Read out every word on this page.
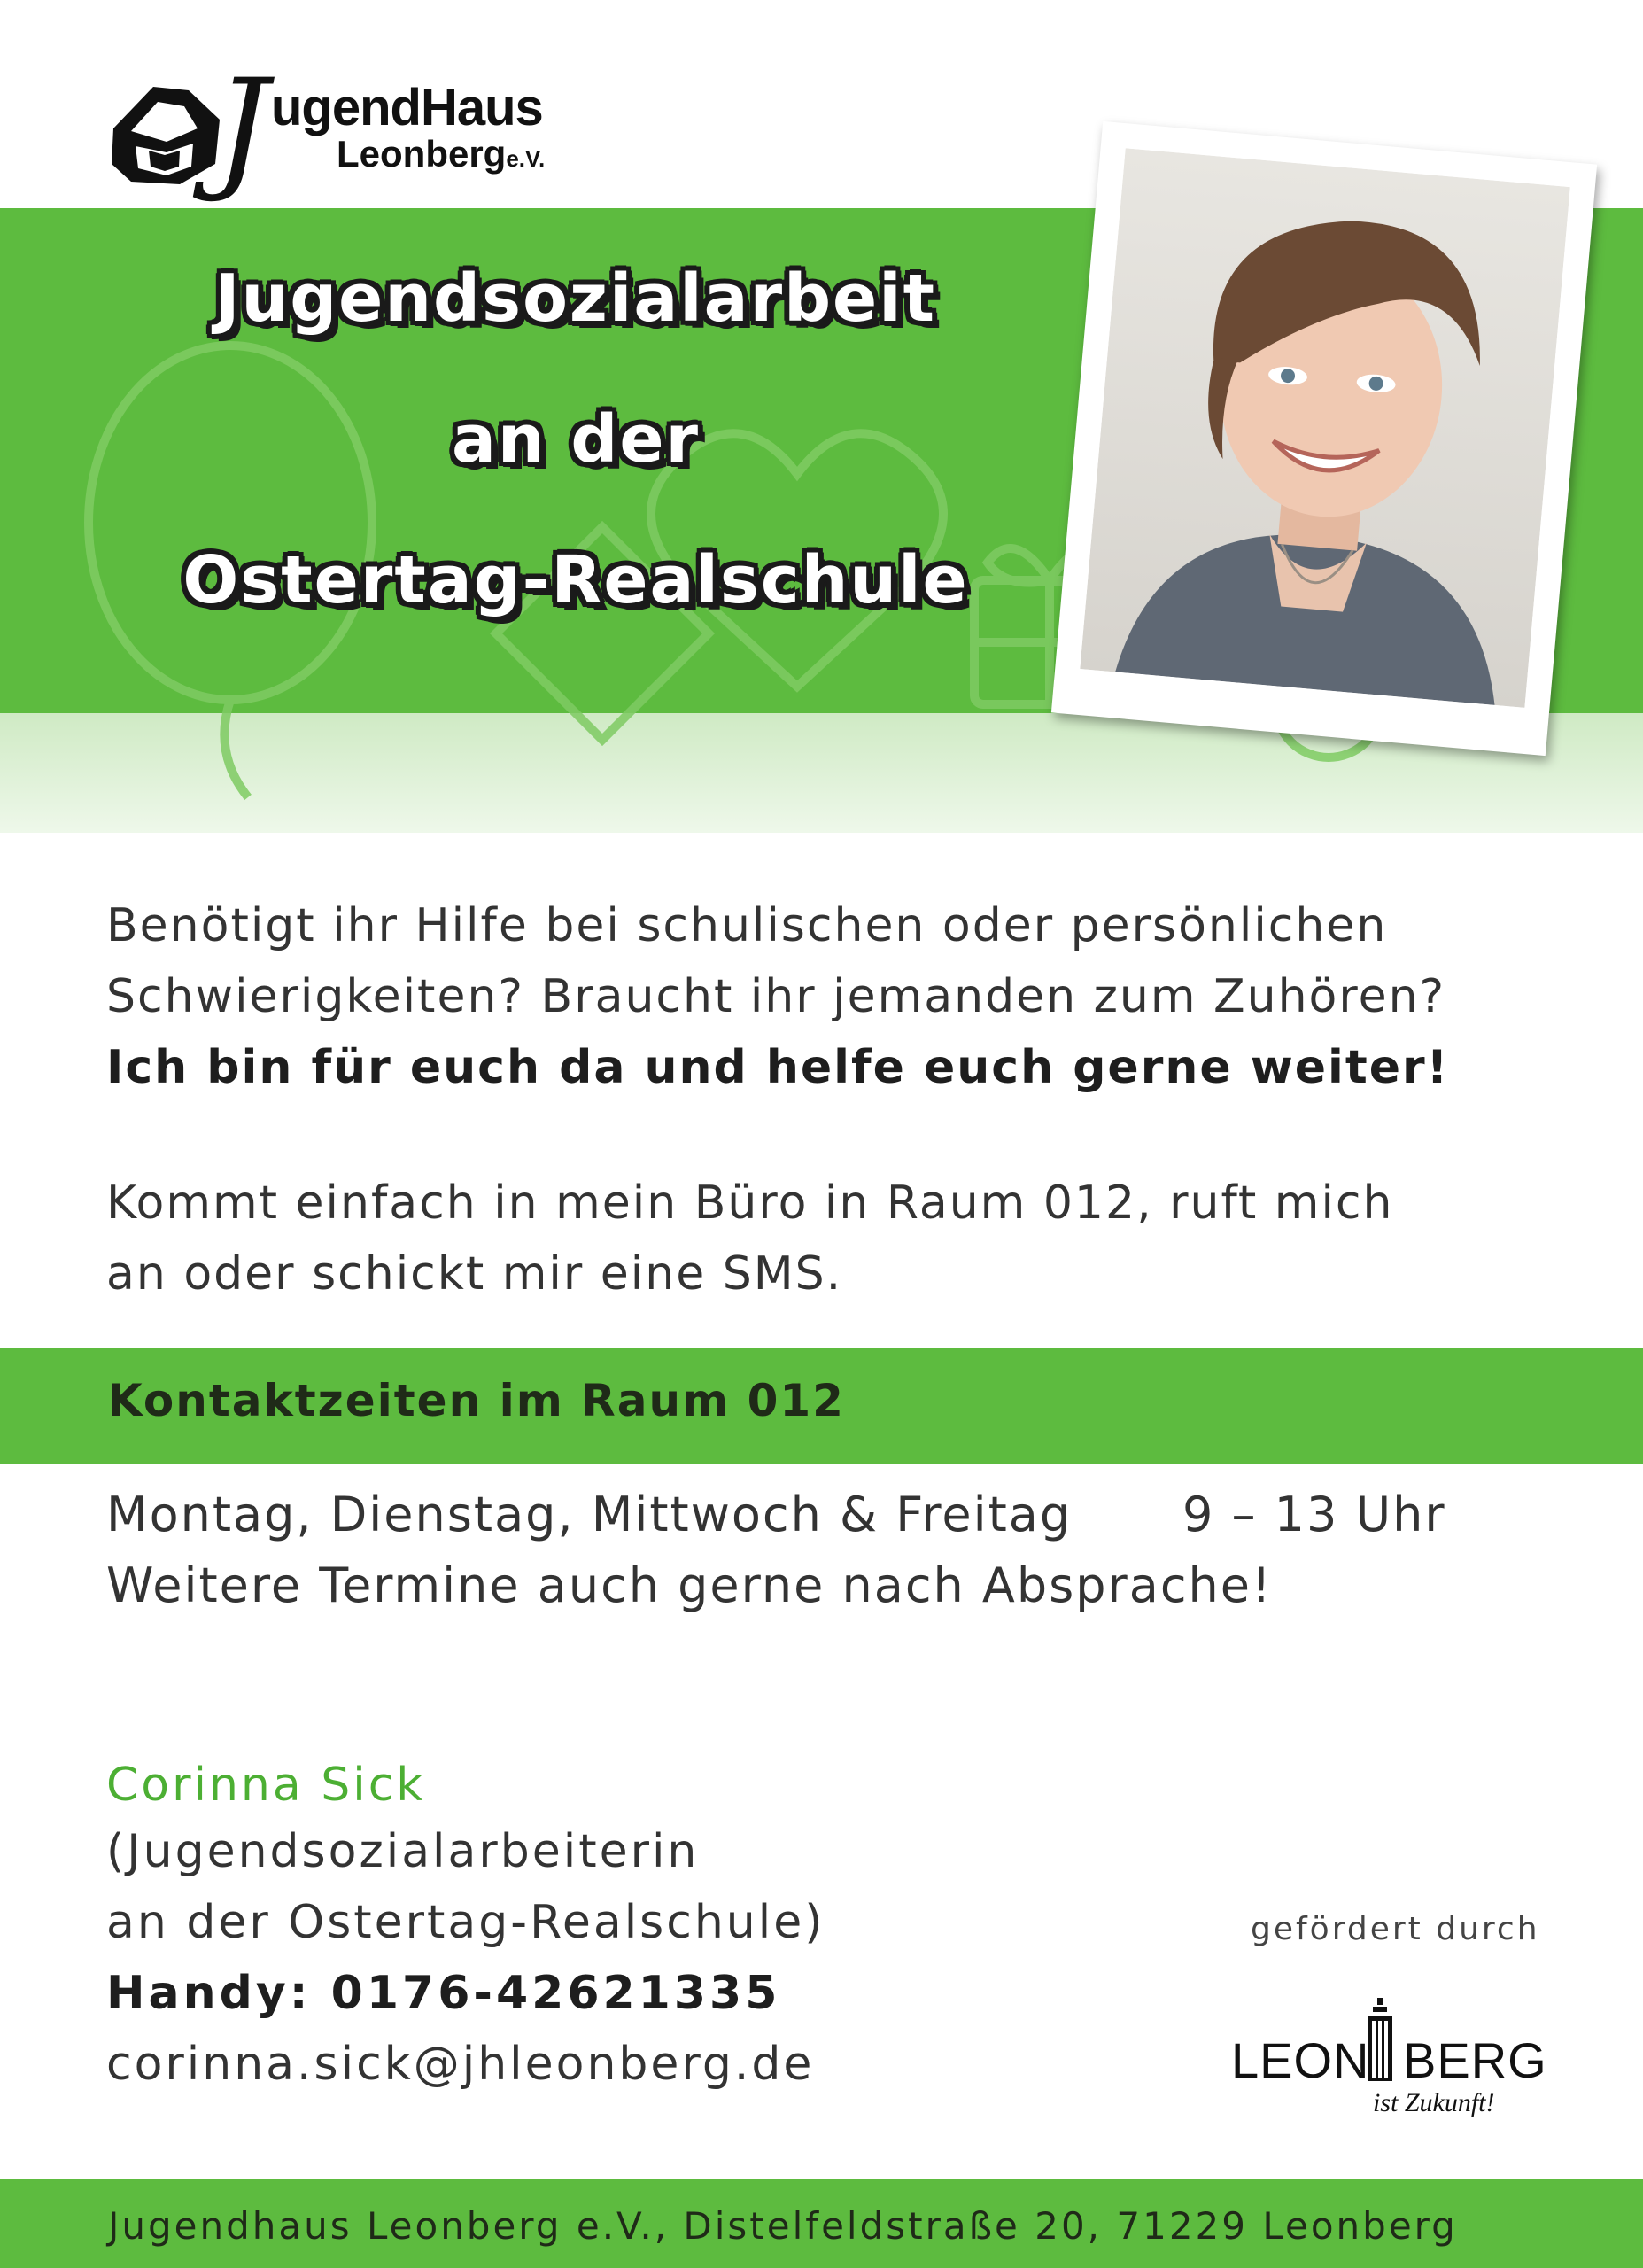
J ugendHaus
Leonberge.V.
Jugendsozialarbeit
an der
Ostertag-Realschule
Benötigt ihr Hilfe bei schulischen oder persönlichen
Schwierigkeiten? Braucht ihr jemanden zum Zuhören?
Ich bin für euch da und helfe euch gerne weiter!
Kommt einfach in mein Büro in Raum 012, ruft mich
an oder schickt mir eine SMS.
Kontaktzeiten im Raum 012
Montag, Dienstag, Mittwoch & Freitag 9 – 13 Uhr
Weitere Termine auch gerne nach Absprache!
Corinna Sick
(Jugendsozialarbeiterin
an der Ostertag-Realschule)
Handy: 0176-42621335
corinna.sick@jhleonberg.de
gefördert durch
LEON BERG
ist Zukunft!
Jugendhaus Leonberg e.V., Distelfeldstraße 20, 71229 Leonberg
